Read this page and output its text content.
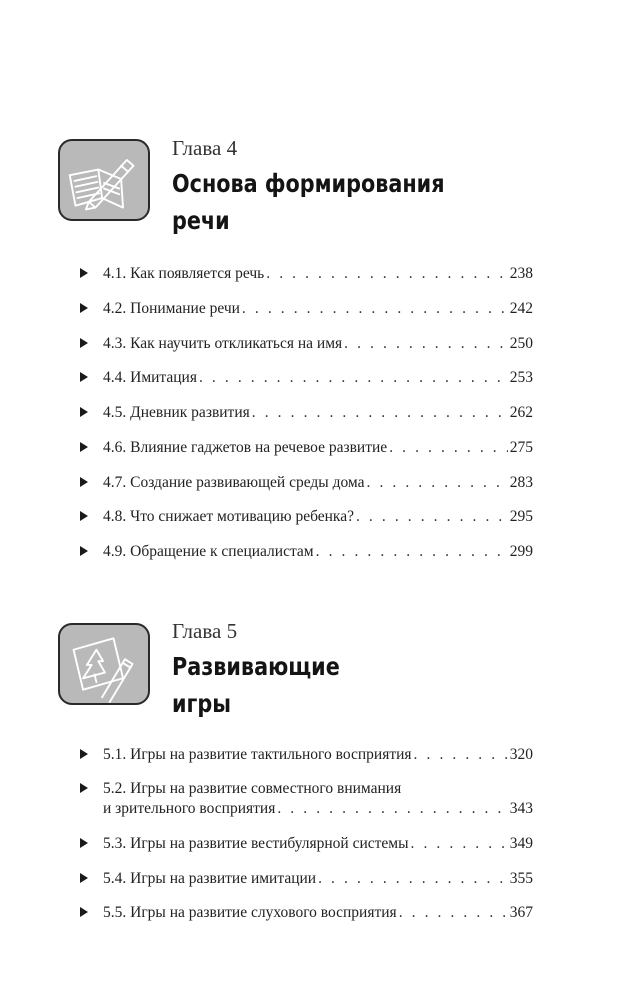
Глава 4
Основа формирования
речи
4.1. Как появляется речь . . .	238
4.2. Понимание речи . . .	242
4.3. Как научить откликаться на имя . . .	250
4.4. Имитация . . .	253
4.5. Дневник развития . . .	262
4.6. Влияние гаджетов на речевое развитие . . .	275
4.7. Создание развивающей среды дома . . .	283
4.8. Что снижает мотивацию ребенка? . . .	295
4.9. Обращение к специалистам . . .	299
Глава 5
Развивающие
игры
5.1. Игры на развитие тактильного восприятия . . .	320
5.2. Игры на развитие совместного внимания
и зрительного восприятия . . .	343
5.3. Игры на развитие вестибулярной системы . . .	349
5.4. Игры на развитие имитации . . .	355
5.5. Игры на развитие слухового восприятия . . .	367
